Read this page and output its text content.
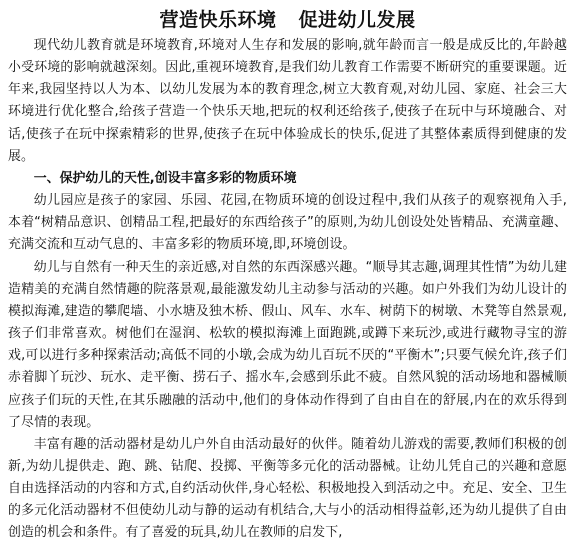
营造快乐环境 促进幼儿发展

现代幼儿教育就是环境教育,环境对人生存和发展的影响,就年龄而言一般是成反比的,年龄越小受环境的影响就越深刻。因此,重视环境教育,是我们幼儿教育工作需要不断研究的重要课题。近年来,我园坚持以人为本、以幼儿发展为本的教育理念,树立大教育观,对幼儿园、家庭、社会三大环境进行优化整合,给孩子营造一个快乐天地,把玩的权利还给孩子,使孩子在玩中与环境融合、对话,使孩子在玩中探索精彩的世界,使孩子在玩中体验成长的快乐,促进了其整体素质得到健康的发展。

一、保护幼儿的天性,创设丰富多彩的物质环境

幼儿园应是孩子的家园、乐园、花园,在物质环境的创设过程中,我们从孩子的观察视角入手,本着“树精品意识、创精品工程,把最好的东西给孩子”的原则,为幼儿创设处处皆精品、充满童趣、充满交流和互动气息的、丰富多彩的物质环境,即,环境创设。

幼儿与自然有一种天生的亲近感,对自然的东西深感兴趣。“顺导其志趣,调理其性情”为幼儿建造精美的充满自然情趣的院落景观,最能激发幼儿主动参与活动的兴趣。如户外我们为幼儿设计的模拟海滩,建造的攀爬墙、小水塘及独木桥、假山、风车、水车、树荫下的树墩、木凳等自然景观,孩子们非常喜欢。树他们在湿润、松软的模拟海滩上面跑跳,或蹲下来玩沙,或进行藏物寻宝的游戏,可以进行多种探索活动;高低不同的小墩,会成为幼儿百玩不厌的“平衡木”;只要气候允许,孩子们赤着脚丫玩沙、玩水、走平衡、捞石子、摇水车,会感到乐此不疲。自然风貌的活动场地和器械顺应孩子们玩的天性,在其乐融融的活动中,他们的身体动作得到了自由自在的舒展,内在的欢乐得到了尽情的表现。

丰富有趣的活动器材是幼儿户外自由活动最好的伙伴。随着幼儿游戏的需要,教师们积极的创新,为幼儿提供走、跑、跳、钻爬、投掷、平衡等多元化的活动器械。让幼儿凭自己的兴趣和意愿自由选择活动的内容和方式,自约活动伙伴,身心轻松、积极地投入到活动之中。充足、安全、卫生的多元化活动器材不但使幼儿动与静的运动有机结合,大与小的活动相得益彰,还为幼儿提供了自由创造的机会和条件。有了喜爱的玩具,幼儿在教师的启发下,
